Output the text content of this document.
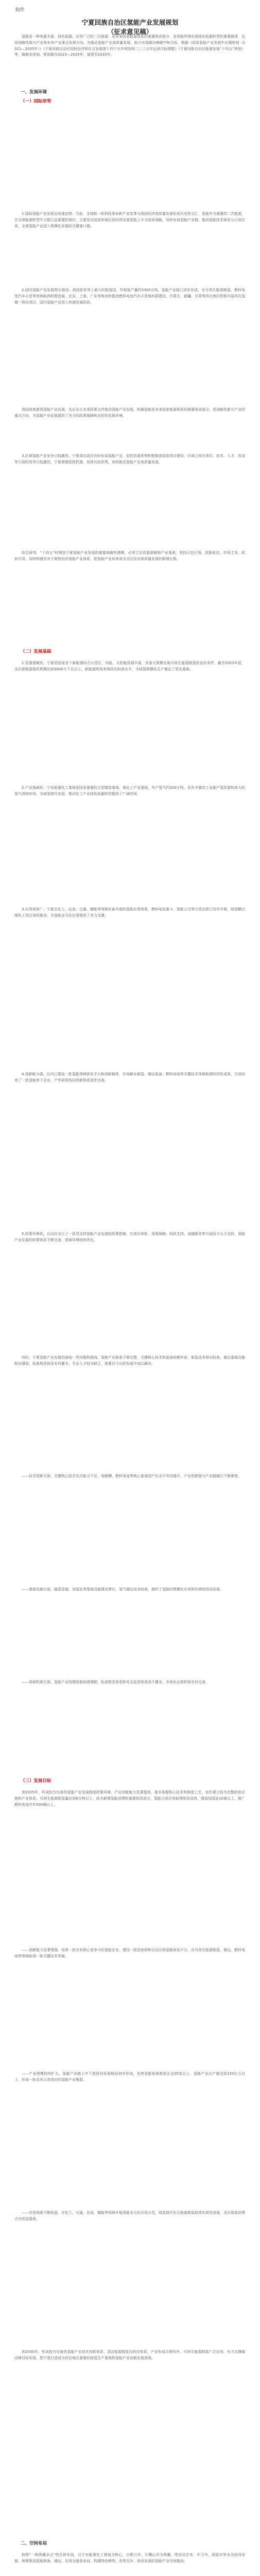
附件
宁夏回族自治区氢能产业发展规划
（征求意见稿）
一、发展环境
（一）国际形势
（二）发展基础
（三）发展目标
二、空间布局
氢能是一种来源丰富、绿色低碳、应用广泛的二次能源，是未来国家能源体系的重要组成部分，是用能终端实现绿色低碳转型的重要载体，也是战略性新兴产业和未来产业重点发展方向。为推动氢能产业高质量发展，助力实现碳达峰碳中和目标，根据《国家氢能产业发展中长期规划（2021—2035年）》《宁夏回族自治区国民经济和社会发展第十四个五年规划和二〇三五年远景目标纲要》《宁夏回族自治区能源发展“十四五”规划》等，编制本规划。规划期为2023—2025年，展望至2030年。
1.国际氢能产业发展呈加速态势。当前，全球新一轮科技革命和产业变革与我国经济高质量发展形成历史性交汇，氢能作为重要的二次能源，在全球能源转型中占据日益重要的地位，主要发达国家和地区纷纷将发展氢能上升为国家战略，加快布局氢能产业链，推动氢能技术研发与示范应用，全球氢能产业进入规模化发展的关键窗口期。
2.国内氢能产业发展势头强劲。我国是世界上最大的制氢国，年制氢产量约3300万吨，氢能产业链已初步形成，在可再生能源制氢、燃料电池汽车示范等领域取得积极进展，北京、上海、广东等地加快推进燃料电池汽车示范城市群建设，内蒙古、新疆、甘肃等西北地区积极开展风光氢储一体化项目，国内氢能产业进入快速发展阶段。
我国高度重视氢能产业发展，先后出台多项政策文件推动氢能产业发展，明确氢能是未来国家能源体系的重要组成部分，是战略性新兴产业的重点方向，为氢能产业发展提供了有力的政策保障和良好的发展环境。
3.区域氢能产业竞争日趋激烈。宁夏周边省区纷纷布局氢能产业，依托资源优势积极推进绿氢项目建设，区域之间在项目、技术、人才、资金等方面的竞争日趋激烈，宁夏需要抢抓机遇，发挥比较优势，加快推动氢能产业高质量发展。
综合研判，“十四五”时期是宁夏氢能产业发展的重要战略机遇期，必须立足资源禀赋和产业基础，坚持示范引领、创新驱动、市场主导、政府引导，加快构建具有宁夏特色的氢能产业体系，把氢能产业培育成为全区经济高质量发展的新增长极。
1.资源禀赋优。宁夏是国家首个新能源综合示范区，风能、太阳能资源丰富，具备大规模发展可再生能源制氢的良好条件，截至2022年底，全区新能源装机规模达到3000万千瓦以上，新能源利用率保持在较高水平，为绿氢规模化生产奠定了坚实基础。
2.产业基础好。宁东能源化工基地是国家重要的大型煤炭基地、煤化工产业基地，年产氢气约200万吨，具有丰富的工业副产氢资源和庞大的氢气消纳市场，为绿氢替代灰氢、推动化工产业绿色低碳转型提供了广阔空间。
3.应用场景广。宁夏在化工、冶金、交通、储能等领域具备丰富的氢能应用场景，燃料电池重卡、氢能公交等示范运营已有序开展，绿氢耦合煤化工项目加快推进，为氢能多元化应用提供了有力支撑。
4.创新能力强。区内已建成一批氢能领域研发平台和创新载体，在电解水制氢、储运装备、燃料电池等关键技术领域取得阶段性成果，引进培育了一批氢能骨干企业，产学研用协同创新体系逐步完善。
5.政策环境优。自治区出台了一系列支持氢能产业发展的政策措施，在项目审批、用地保障、财政支持、金融服务等方面给予大力支持，氢能产业发展的政策体系不断完善，营商环境持续优化。
同时，宁夏氢能产业发展仍面临一些问题和挑战。氢能产业链条不够完整，关键核心技术和装备依赖外部，制氢成本相对较高，储运基础设施相对薄弱，标准规范体系有待健全，专业人才较为缺乏，需要在今后的发展中加以解决。
——技术创新方面。关键核心技术攻关能力不足，电解槽、燃料电池等核心装备国产化水平有待提升，产业创新链与产业链融合不够紧密。
——基础设施方面。输氢管道、加氢站等基础设施建设滞后，氢气储运成本较高，制约了氢能的规模化应用和区域间协同发展。
——体制机制方面。氢能产业管理体制尚需理顺，标准规范体系和安全监管体系尚不健全，市场化运营机制有待完善。
到2025年，形成较为完善的氢能产业发展制度政策环境，产业创新能力显著提高，基本掌握核心技术和制造工艺，初步建立较为完整的供应链和产业体系。可再生能源制氢量达到8万吨以上，成为新增氢能消费的重要组成部分，氢能示范应用取得明显成效，建成加氢站10座以上，推广燃料电池汽车500辆以上。
——创新能力显著增强。培育一批具有核心竞争力的氢能企业，建设一批国家级和自治区级氢能研发平台，在可再生能源制氢、储运、燃料电池等领域取得一批关键技术突破。
——产业规模持续扩大。氢能产业链上中下游协同发展格局初步形成，培育氢能装备制造企业20家以上，氢能产业总产值达到150亿元以上，形成一批具有示范效应的氢能产业集群。
——应用场景不断拓展。在化工、交通、冶金、储能等领域开展氢能多元化应用示范，绿氢替代化石能源制氢取得实质性进展，全区绿氢消费占比明显提高。
到2030年，形成较为完备的氢能产业技术创新体系、清洁能源制氢及供应体系，产业布局合理有序，可再生能源制氢广泛应用，有力支撑碳达峰目标实现，把宁夏打造成为西北地区重要的绿氢生产基地和氢能产业创新发展高地。
按照“一核两翼多点”的总体布局，以宁东能源化工基地为核心，以银川市、石嘴山市为两翼，带动吴忠市、中卫市、固原市等多点协同发展，统筹推进氢能制备、储运、应用全链条布局，构建特色鲜明、优势互补、协同发展的氢能产业空间格局。
